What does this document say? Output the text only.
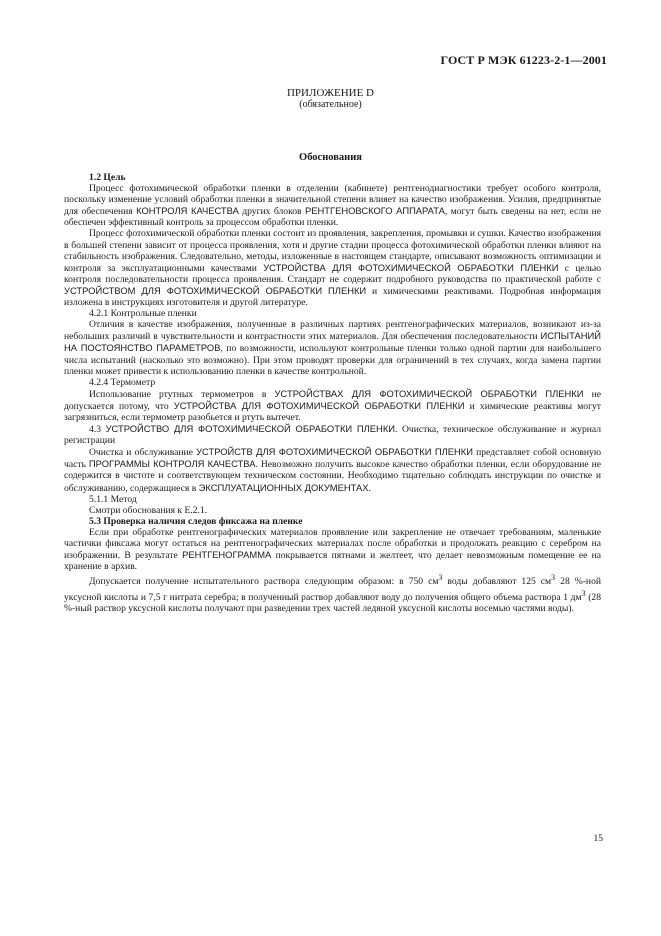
ГОСТ Р МЭК 61223-2-1—2001
ПРИЛОЖЕНИЕ D
(обязательное)
Обоснования

1.2 Цель

Процесс фотохимической обработки пленки в отделении (кабинете) рентгенодиагностики требует особого контроля, поскольку изменение условий обработки пленки в значительной степени влияет на качество изображения. Усилия, предпринятые для обеспечения КОНТРОЛЯ КАЧЕСТВА других блоков РЕНТГЕНОВСКОГО АППАРАТА, могут быть сведены на нет, если не обеспечен эффективный контроль за процессом обработки пленки.

Процесс фотохимической обработки пленки состоит из проявления, закрепления, промывки и сушки. Качество изображения в большей степени зависит от процесса проявления, хотя и другие стадии процесса фотохимической обработки пленки влияют на стабильность изображения. Следовательно, методы, изложенные в настоящем стандарте, описывают возможность оптимизации и контроля за эксплуатационными качествами УСТРОЙСТВА ДЛЯ ФОТОХИМИЧЕСКОЙ ОБРАБОТКИ ПЛЕНКИ с целью контроля последовательности процесса проявления. Стандарт не содержит подробного руководства по практической работе с УСТРОЙСТВОМ ДЛЯ ФОТОХИМИЧЕСКОЙ ОБРАБОТКИ ПЛЕНКИ и химическими реактивами. Подробная информация изложена в инструкциях изготовителя и другой литературе.

4.2.1 Контрольные пленки

Отличия в качестве изображения, полученные в различных партиях рентгенографических материалов, возникают из-за небольших различий в чувствительности и контрастности этих материалов. Для обеспечения последовательности ИСПЫТАНИЙ НА ПОСТОЯНСТВО ПАРАМЕТРОВ, по возможности, используют контрольные пленки только одной партии для наибольшего числа испытаний (насколько это возможно). При этом проводят проверки для ограничений в тех случаях, когда замена партии пленки может привести к использованию пленки в качестве контрольной.

4.2.4 Термометр

Использование ртутных термометров в УСТРОЙСТВАХ ДЛЯ ФОТОХИМИЧЕСКОЙ ОБРАБОТКИ ПЛЕНКИ не допускается потому, что УСТРОЙСТВА ДЛЯ ФОТОХИМИЧЕСКОЙ ОБРАБОТКИ ПЛЕНКИ и химические реактивы могут загрязниться, если термометр разобьется и ртуть вытечет.

4.3 УСТРОЙСТВО ДЛЯ ФОТОХИМИЧЕСКОЙ ОБРАБОТКИ ПЛЕНКИ. Очистка, техническое обслуживание и журнал регистрации

Очистка и обслуживание УСТРОЙСТВ ДЛЯ ФОТОХИМИЧЕСКОЙ ОБРАБОТКИ ПЛЕНКИ представляет собой основную часть ПРОГРАММЫ КОНТРОЛЯ КАЧЕСТВА. Невозможно получить высокое качество обработки пленки, если оборудование не содержится в чистоте и соответствующем техническом состоянии. Необходимо тщательно соблюдать инструкции по очистке и обслуживанию, содержащиеся в ЭКСПЛУАТАЦИОННЫХ ДОКУМЕНТАХ.

5.1.1 Метод

Смотри обоснования к Е.2.1.

5.3 Проверка наличия следов фиксажа на пленке

Если при обработке рентгенографических материалов проявление или закрепление не отвечает требованиям, маленькие частички фиксажа могут остаться на рентгенографических материалах после обработки и продолжать реакцию с серебром на изображении. В результате РЕНТГЕНОГРАММА покрывается пятнами и желтеет, что делает невозможным помещение ее на хранение в архив.

Допускается получение испытательного раствора следующим образом: в 750 $см^3$ воды добавляют 125 $см^3$ 28 %-ной уксусной кислоты и 7,5 г нитрата серебра; в полученный раствор добавляют воду до получения общего объема раствора 1 $дм^3$ (28 %-ный раствор уксусной кислоты получают при разведении трех частей ледяной уксусной кислоты восемью частями воды).

15
